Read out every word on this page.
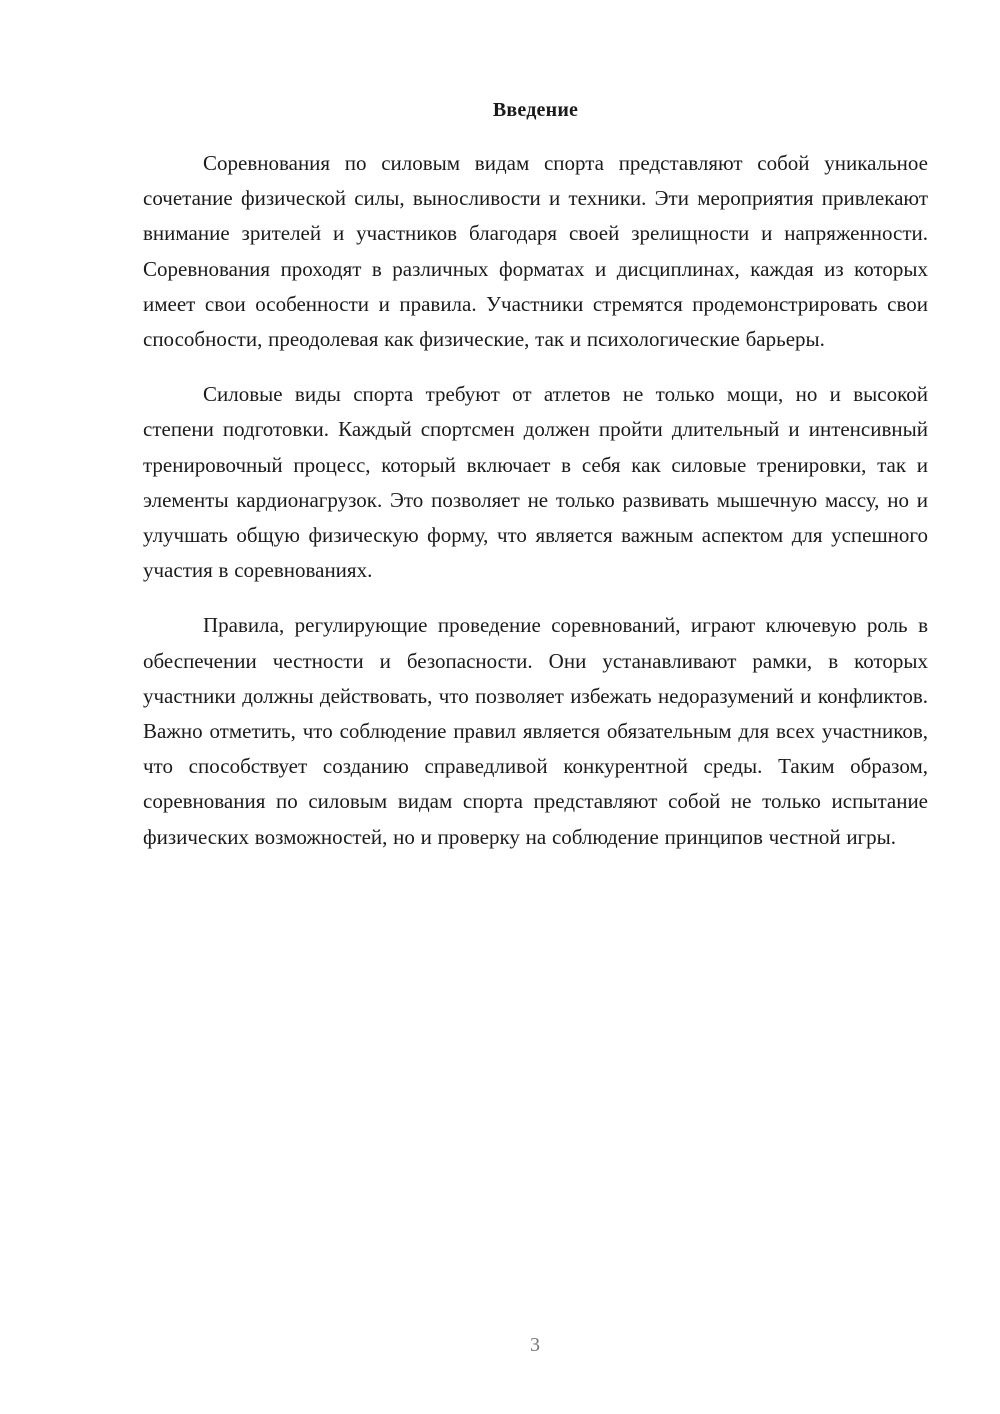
Введение

Соревнования по силовым видам спорта представляют собой уникальное сочетание физической силы, выносливости и техники. Эти мероприятия привлекают внимание зрителей и участников благодаря своей зрелищности и напряженности. Соревнования проходят в различных форматах и дисциплинах, каждая из которых имеет свои особенности и правила. Участники стремятся продемонстрировать свои способности, преодолевая как физические, так и психологические барьеры.

Силовые виды спорта требуют от атлетов не только мощи, но и высокой степени подготовки. Каждый спортсмен должен пройти длительный и интенсивный тренировочный процесс, который включает в себя как силовые тренировки, так и элементы кардионагрузок. Это позволяет не только развивать мышечную массу, но и улучшать общую физическую форму, что является важным аспектом для успешного участия в соревнованиях.

Правила, регулирующие проведение соревнований, играют ключевую роль в обеспечении честности и безопасности. Они устанавливают рамки, в которых участники должны действовать, что позволяет избежать недоразумений и конфликтов. Важно отметить, что соблюдение правил является обязательным для всех участников, что способствует созданию справедливой конкурентной среды. Таким образом, соревнования по силовым видам спорта представляют собой не только испытание физических возможностей, но и проверку на соблюдение принципов честной игры.

3
